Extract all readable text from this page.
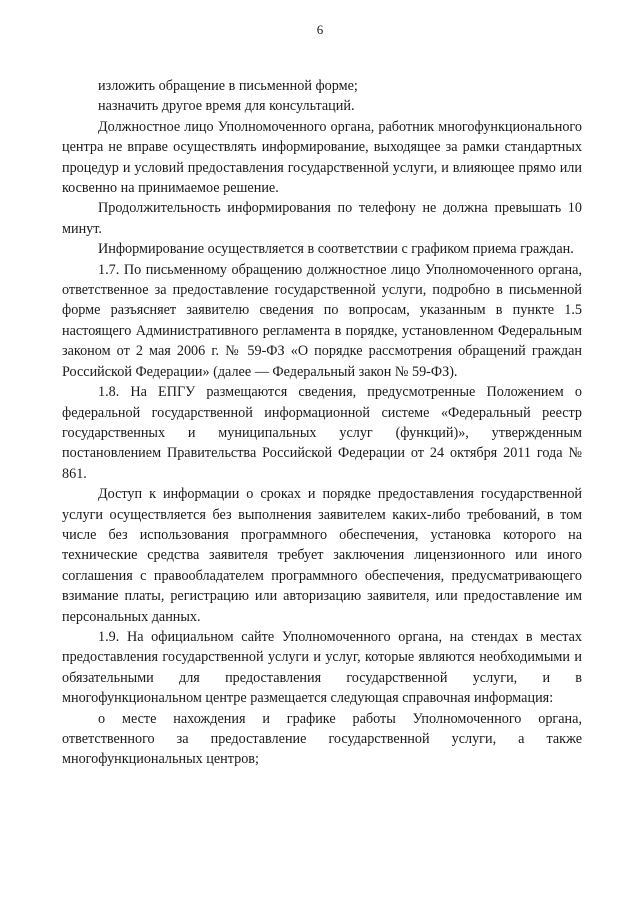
6

изложить обращение в письменной форме;

назначить другое время для консультаций.

Должностное лицо Уполномоченного органа, работник многофункционального центра не вправе осуществлять информирование, выходящее за рамки стандартных процедур и условий предоставления государственной услуги, и влияющее прямо или косвенно на принимаемое решение.

Продолжительность информирования по телефону не должна превышать 10 минут.

Информирование осуществляется в соответствии с графиком приема граждан.

1.7. По письменному обращению должностное лицо Уполномоченного органа, ответственное за предоставление государственной услуги, подробно в письменной форме разъясняет заявителю сведения по вопросам, указанным в пункте 1.5 настоящего Административного регламента в порядке, установленном Федеральным законом от 2 мая 2006 г. № 59-ФЗ «О порядке рассмотрения обращений граждан Российской Федерации» (далее — Федеральный закон № 59-ФЗ).

1.8. На ЕПГУ размещаются сведения, предусмотренные Положением о федеральной государственной информационной системе «Федеральный реестр государственных и муниципальных услуг (функций)», утвержденным постановлением Правительства Российской Федерации от 24 октября 2011 года № 861.

Доступ к информации о сроках и порядке предоставления государственной услуги осуществляется без выполнения заявителем каких-либо требований, в том числе без использования программного обеспечения, установка которого на технические средства заявителя требует заключения лицензионного или иного соглашения с правообладателем программного обеспечения, предусматривающего взимание платы, регистрацию или авторизацию заявителя, или предоставление им персональных данных.

1.9. На официальном сайте Уполномоченного органа, на стендах в местах предоставления государственной услуги и услуг, которые являются необходимыми и обязательными для предоставления государственной услуги, и в многофункциональном центре размещается следующая справочная информация:

о месте нахождения и графике работы Уполномоченного органа, ответственного за предоставление государственной услуги, а также многофункциональных центров;
